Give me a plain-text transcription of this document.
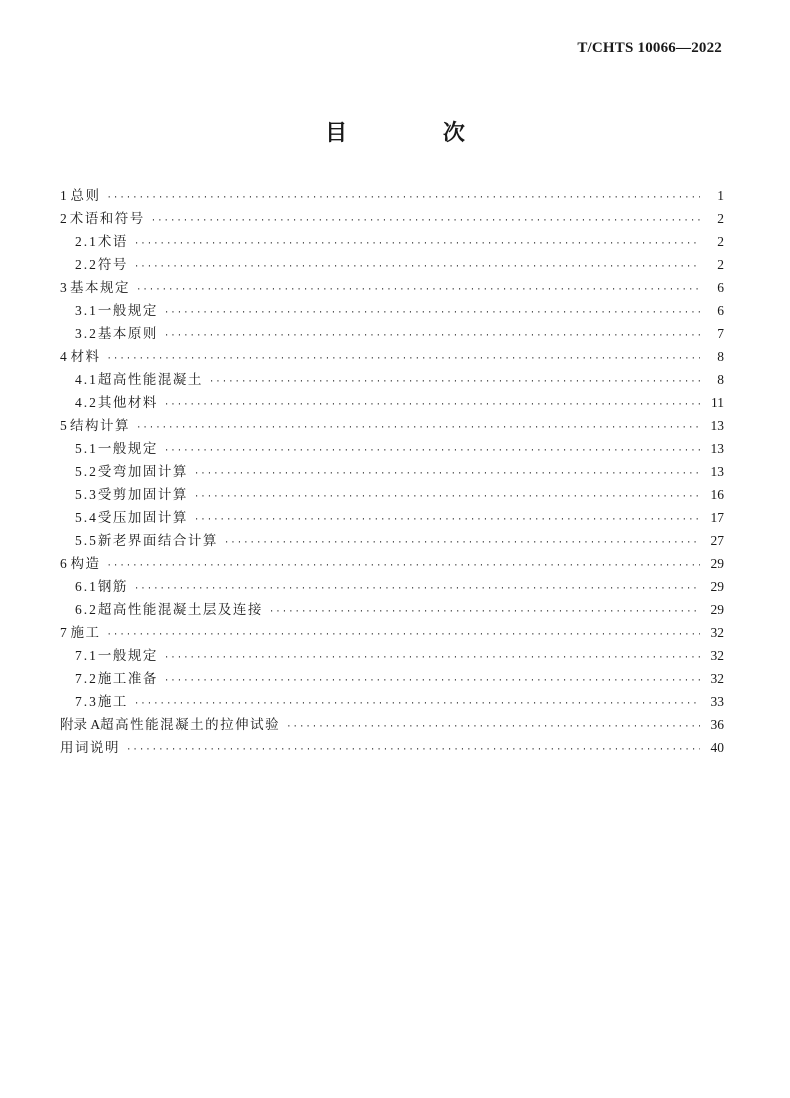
T/CHTS 10066—2022
目 次
1 总则 ·····	1
2 术语和符号 ·····	2
2.1 术语 ·····	2
2.2 符号 ·····	2
3 基本规定 ·····	6
3.1 一般规定 ·····	6
3.2 基本原则 ·····	7
4 材料 ·····	8
4.1 超高性能混凝土 ·····	8
4.2 其他材料 ·····	11
5 结构计算 ·····	13
5.1 一般规定 ·····	13
5.2 受弯加固计算 ·····	13
5.3 受剪加固计算 ·····	16
5.4 受压加固计算 ·····	17
5.5 新老界面结合计算 ·····	27
6 构造 ·····	29
6.1 钢筋 ·····	29
6.2 超高性能混凝土层及连接 ·····	29
7 施工 ·····	32
7.1 一般规定 ·····	32
7.2 施工准备 ·····	32
7.3 施工 ·····	33
附录 A 超高性能混凝土的拉伸试验 ·····	36
用词说明 ·····	40
